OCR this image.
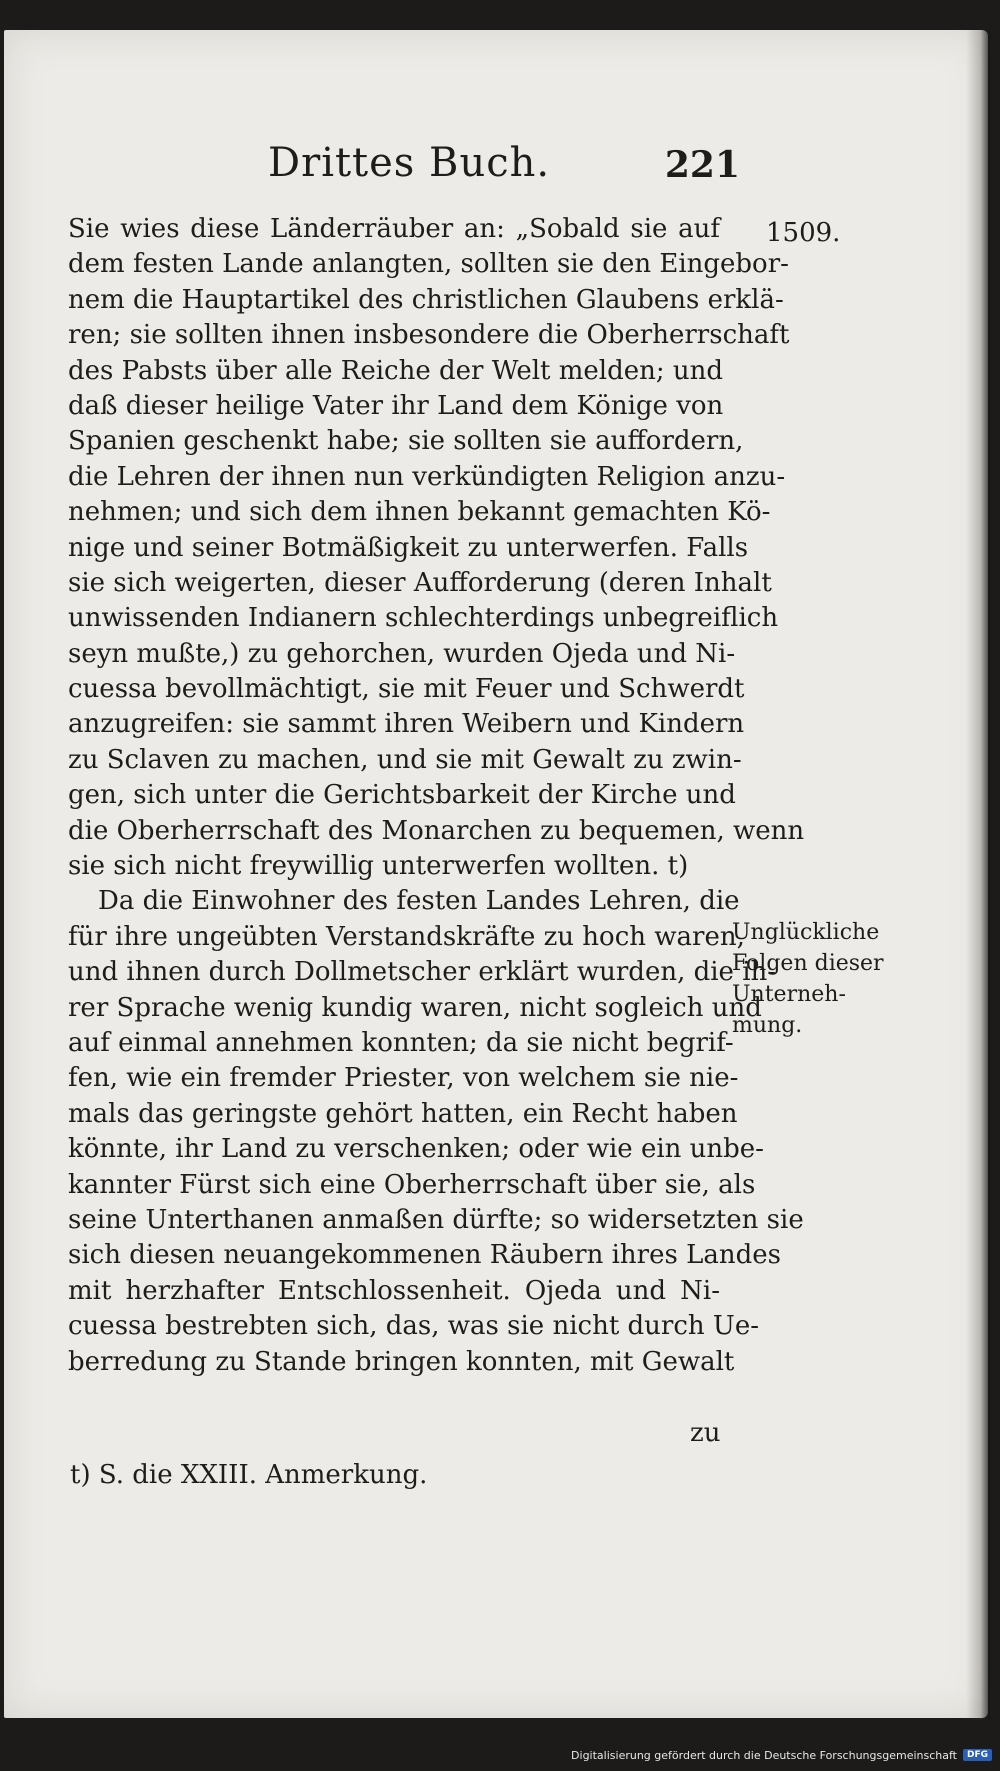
Drittes Buch.	221
1509.
Sie wies diese Länderräuber an: „Sobald sie auf
dem festen Lande anlangten, sollten sie den Eingebor-
nem die Hauptartikel des christlichen Glaubens erklä-
ren; sie sollten ihnen insbesondere die Oberherrschaft
des Pabsts über alle Reiche der Welt melden; und
daß dieser heilige Vater ihr Land dem Könige von
Spanien geschenkt habe; sie sollten sie auffordern,
die Lehren der ihnen nun verkündigten Religion anzu-
nehmen; und sich dem ihnen bekannt gemachten Kö-
nige und seiner Botmäßigkeit zu unterwerfen. Falls
sie sich weigerten, dieser Aufforderung (deren Inhalt
unwissenden Indianern schlechterdings unbegreiflich
seyn mußte,) zu gehorchen, wurden Ojeda und Ni-
cuessa bevollmächtigt, sie mit Feuer und Schwerdt
anzugreifen: sie sammt ihren Weibern und Kindern
zu Sclaven zu machen, und sie mit Gewalt zu zwin-
gen, sich unter die Gerichtsbarkeit der Kirche und
die Oberherrschaft des Monarchen zu bequemen, wenn
sie sich nicht freywillig unterwerfen wollten. t)
Da die Einwohner des festen Landes Lehren, die
für ihre ungeübten Verstandskräfte zu hoch waren,
und ihnen durch Dollmetscher erklärt wurden, die ih-
rer Sprache wenig kundig waren, nicht sogleich und
auf einmal annehmen konnten; da sie nicht begrif-
fen, wie ein fremder Priester, von welchem sie nie-
mals das geringste gehört hatten, ein Recht haben
könnte, ihr Land zu verschenken; oder wie ein unbe-
kannter Fürst sich eine Oberherrschaft über sie, als
seine Unterthanen anmaßen dürfte; so widersetzten sie
sich diesen neuangekommenen Räubern ihres Landes
mit herzhafter Entschlossenheit. Ojeda und Ni-
cuessa bestrebten sich, das, was sie nicht durch Ue-
berredung zu Stande bringen konnten, mit Gewalt
Unglückliche
Folgen dieser
Unterneh-
mung.
zu
t) S. die XXIII. Anmerkung.
Digitalisierung gefördert durch die Deutsche Forschungsgemeinschaft	DFG
